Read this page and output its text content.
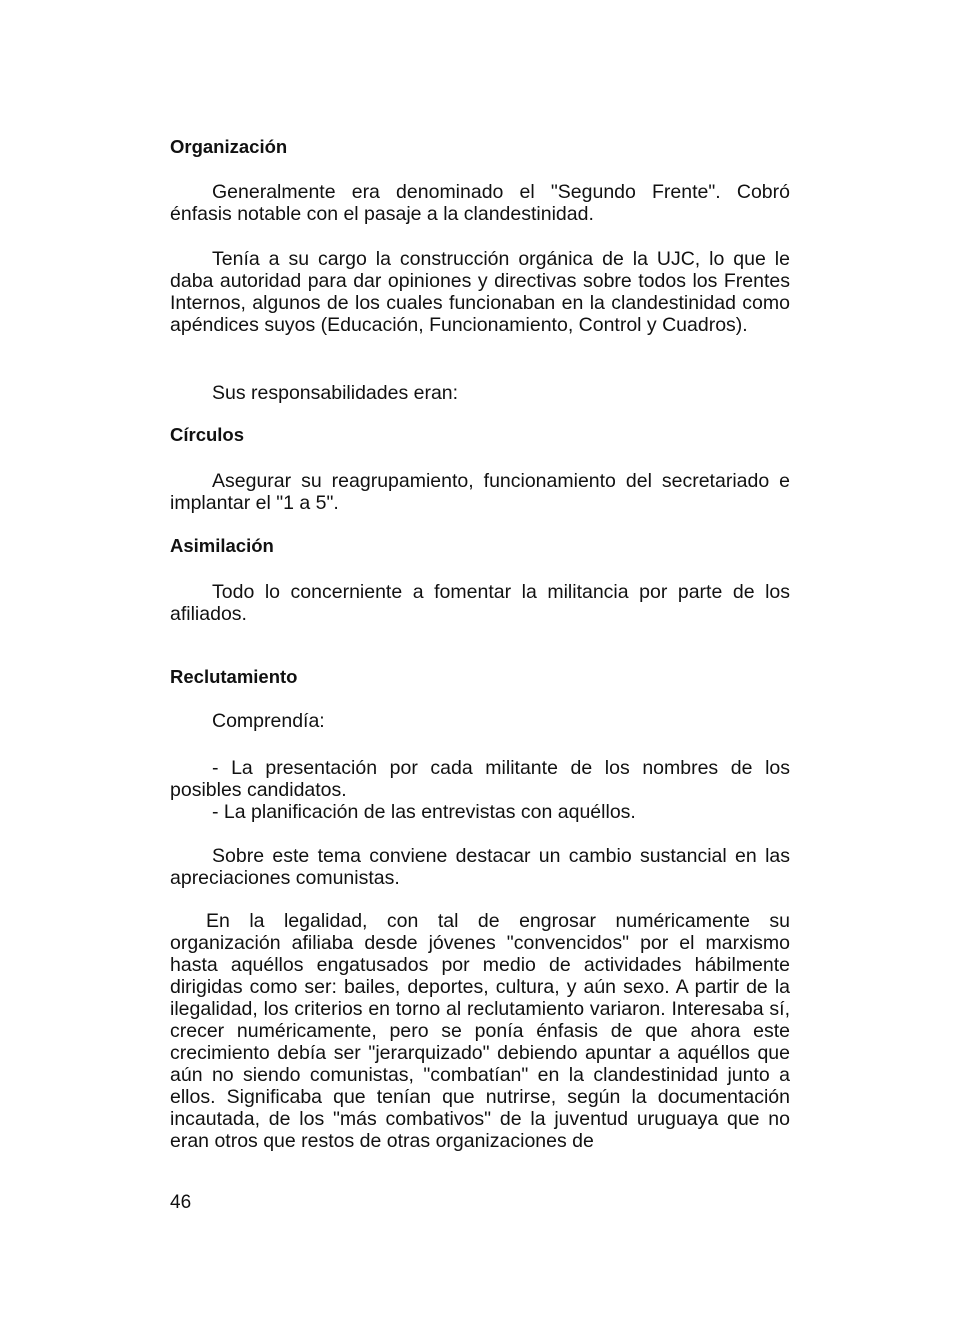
Organización

Generalmente era denominado el "Segundo Frente". Cobró énfasis notable con el pasaje a la clandestinidad.

Tenía a su cargo la construcción orgánica de la UJC, lo que le daba autoridad para dar opiniones y directivas sobre todos los Frentes Internos, algunos de los cuales funcionaban en la clandestinidad como apéndices suyos (Educación, Funcionamiento, Control y Cuadros).

Sus responsabilidades eran:

Círculos

Asegurar su reagrupamiento, funcionamiento del secretariado e implantar el "1 a 5".

Asimilación

Todo lo concerniente a fomentar la militancia por parte de los afiliados.

Reclutamiento

Comprendía:

- La presentación por cada militante de los nombres de los posibles candidatos.
- La planificación de las entrevistas con aquéllos.

Sobre este tema conviene destacar un cambio sustancial en las apreciaciones comunistas.

En la legalidad, con tal de engrosar numéricamente su organización afiliaba desde jóvenes "convencidos" por el marxismo hasta aquéllos engatusados por medio de actividades hábilmente dirigidas como ser: bailes, deportes, cultura, y aún sexo. A partir de la ilegalidad, los criterios en torno al reclutamiento variaron. Interesaba sí, crecer numéricamente, pero se ponía énfasis de que ahora este crecimiento debía ser "jerarquizado" debiendo apuntar a aquéllos que aún no siendo comunistas, "combatían" en la clandestinidad junto a ellos. Significaba que tenían que nutrirse, según la documentación incautada, de los "más combativos" de la juventud uruguaya que no eran otros que restos de otras organizaciones de

46
